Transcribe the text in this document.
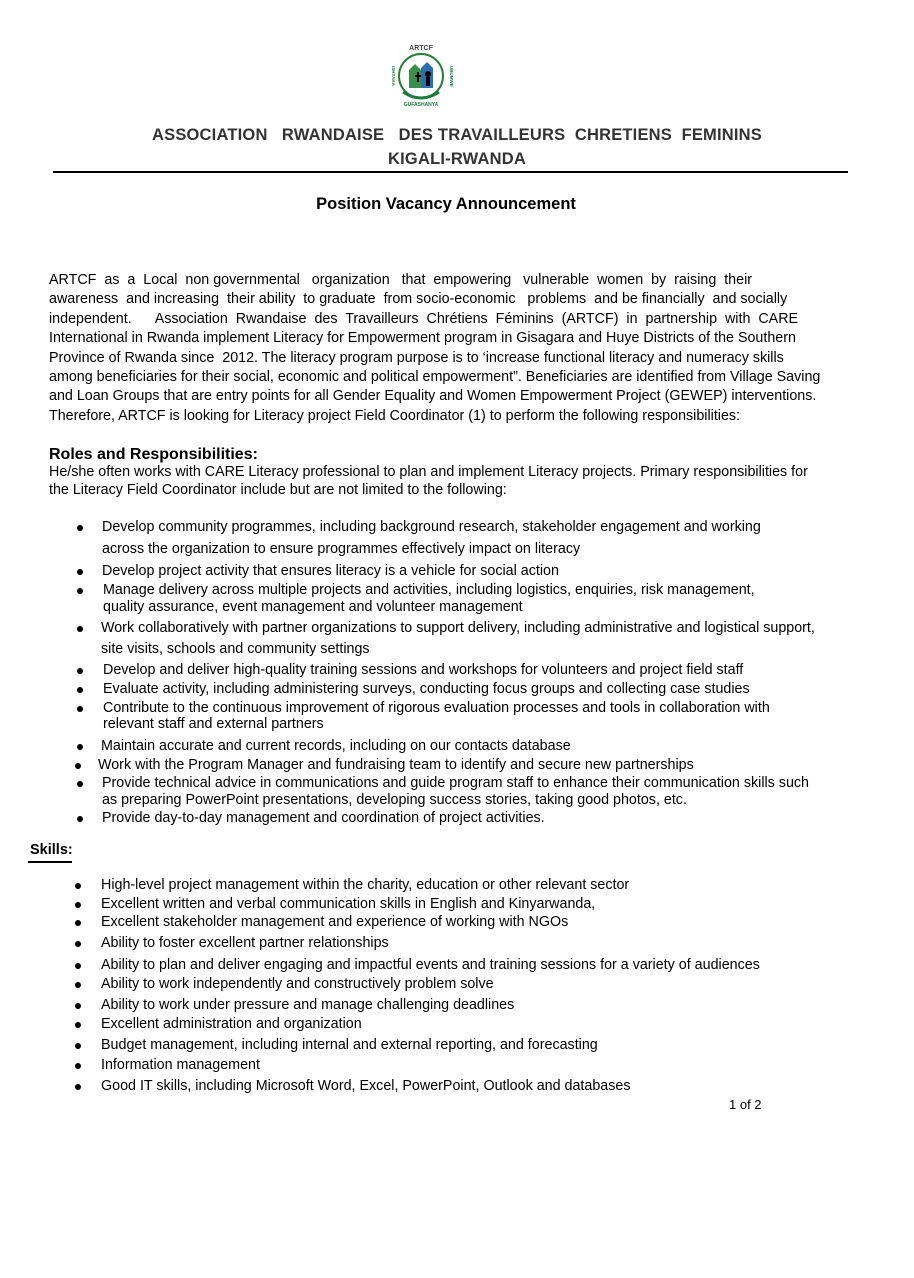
ARTCF
ISHYAKA	UBUMWE
GUFASHANYA
ASSOCIATION   RWANDAISE   DES TRAVAILLEURS  CHRETIENS  FEMININS
KIGALI-RWANDA
Position Vacancy Announcement
ARTCF  as  a  Local  non governmental   organization   that  empowering   vulnerable  women  by  raising  their
awareness  and increasing  their ability  to graduate  from socio-economic   problems  and be financially  and socially
independent.      Association  Rwandaise  des  Travailleurs  Chrétiens  Féminins  (ARTCF)  in  partnership  with  CARE
International in Rwanda implement Literacy for Empowerment program in Gisagara and Huye Districts of the Southern
Province of Rwanda since  2012. The literacy program purpose is to ‘increase functional literacy and numeracy skills
among beneficiaries for their social, economic and political empowerment”. Beneficiaries are identified from Village Saving
and Loan Groups that are entry points for all Gender Equality and Women Empowerment Project (GEWEP) interventions.
Therefore, ARTCF is looking for Literacy project Field Coordinator (1) to perform the following responsibilities:
Roles and Responsibilities:
He/she often works with CARE Literacy professional to plan and implement Literacy projects. Primary responsibilities for
the Literacy Field Coordinator include but are not limited to the following:
Develop community programmes, including background research, stakeholder engagement and working
across the organization to ensure programmes effectively impact on literacy
Develop project activity that ensures literacy is a vehicle for social action
Manage delivery across multiple projects and activities, including logistics, enquiries, risk management,
quality assurance, event management and volunteer management
Work collaboratively with partner organizations to support delivery, including administrative and logistical support,
site visits, schools and community settings
Develop and deliver high-quality training sessions and workshops for volunteers and project field staff
Evaluate activity, including administering surveys, conducting focus groups and collecting case studies
Contribute to the continuous improvement of rigorous evaluation processes and tools in collaboration with
relevant staff and external partners
Maintain accurate and current records, including on our contacts database
Work with the Program Manager and fundraising team to identify and secure new partnerships
Provide technical advice in communications and guide program staff to enhance their communication skills such
as preparing PowerPoint presentations, developing success stories, taking good photos, etc.
Provide day-to-day management and coordination of project activities.
High-level project management within the charity, education or other relevant sector
Excellent written and verbal communication skills in English and Kinyarwanda,
Excellent stakeholder management and experience of working with NGOs
Ability to foster excellent partner relationships
Ability to plan and deliver engaging and impactful events and training sessions for a variety of audiences
Ability to work independently and constructively problem solve
Ability to work under pressure and manage challenging deadlines
Excellent administration and organization
Budget management, including internal and external reporting, and forecasting
Information management
Good IT skills, including Microsoft Word, Excel, PowerPoint, Outlook and databases
Skills:
1 of 2
